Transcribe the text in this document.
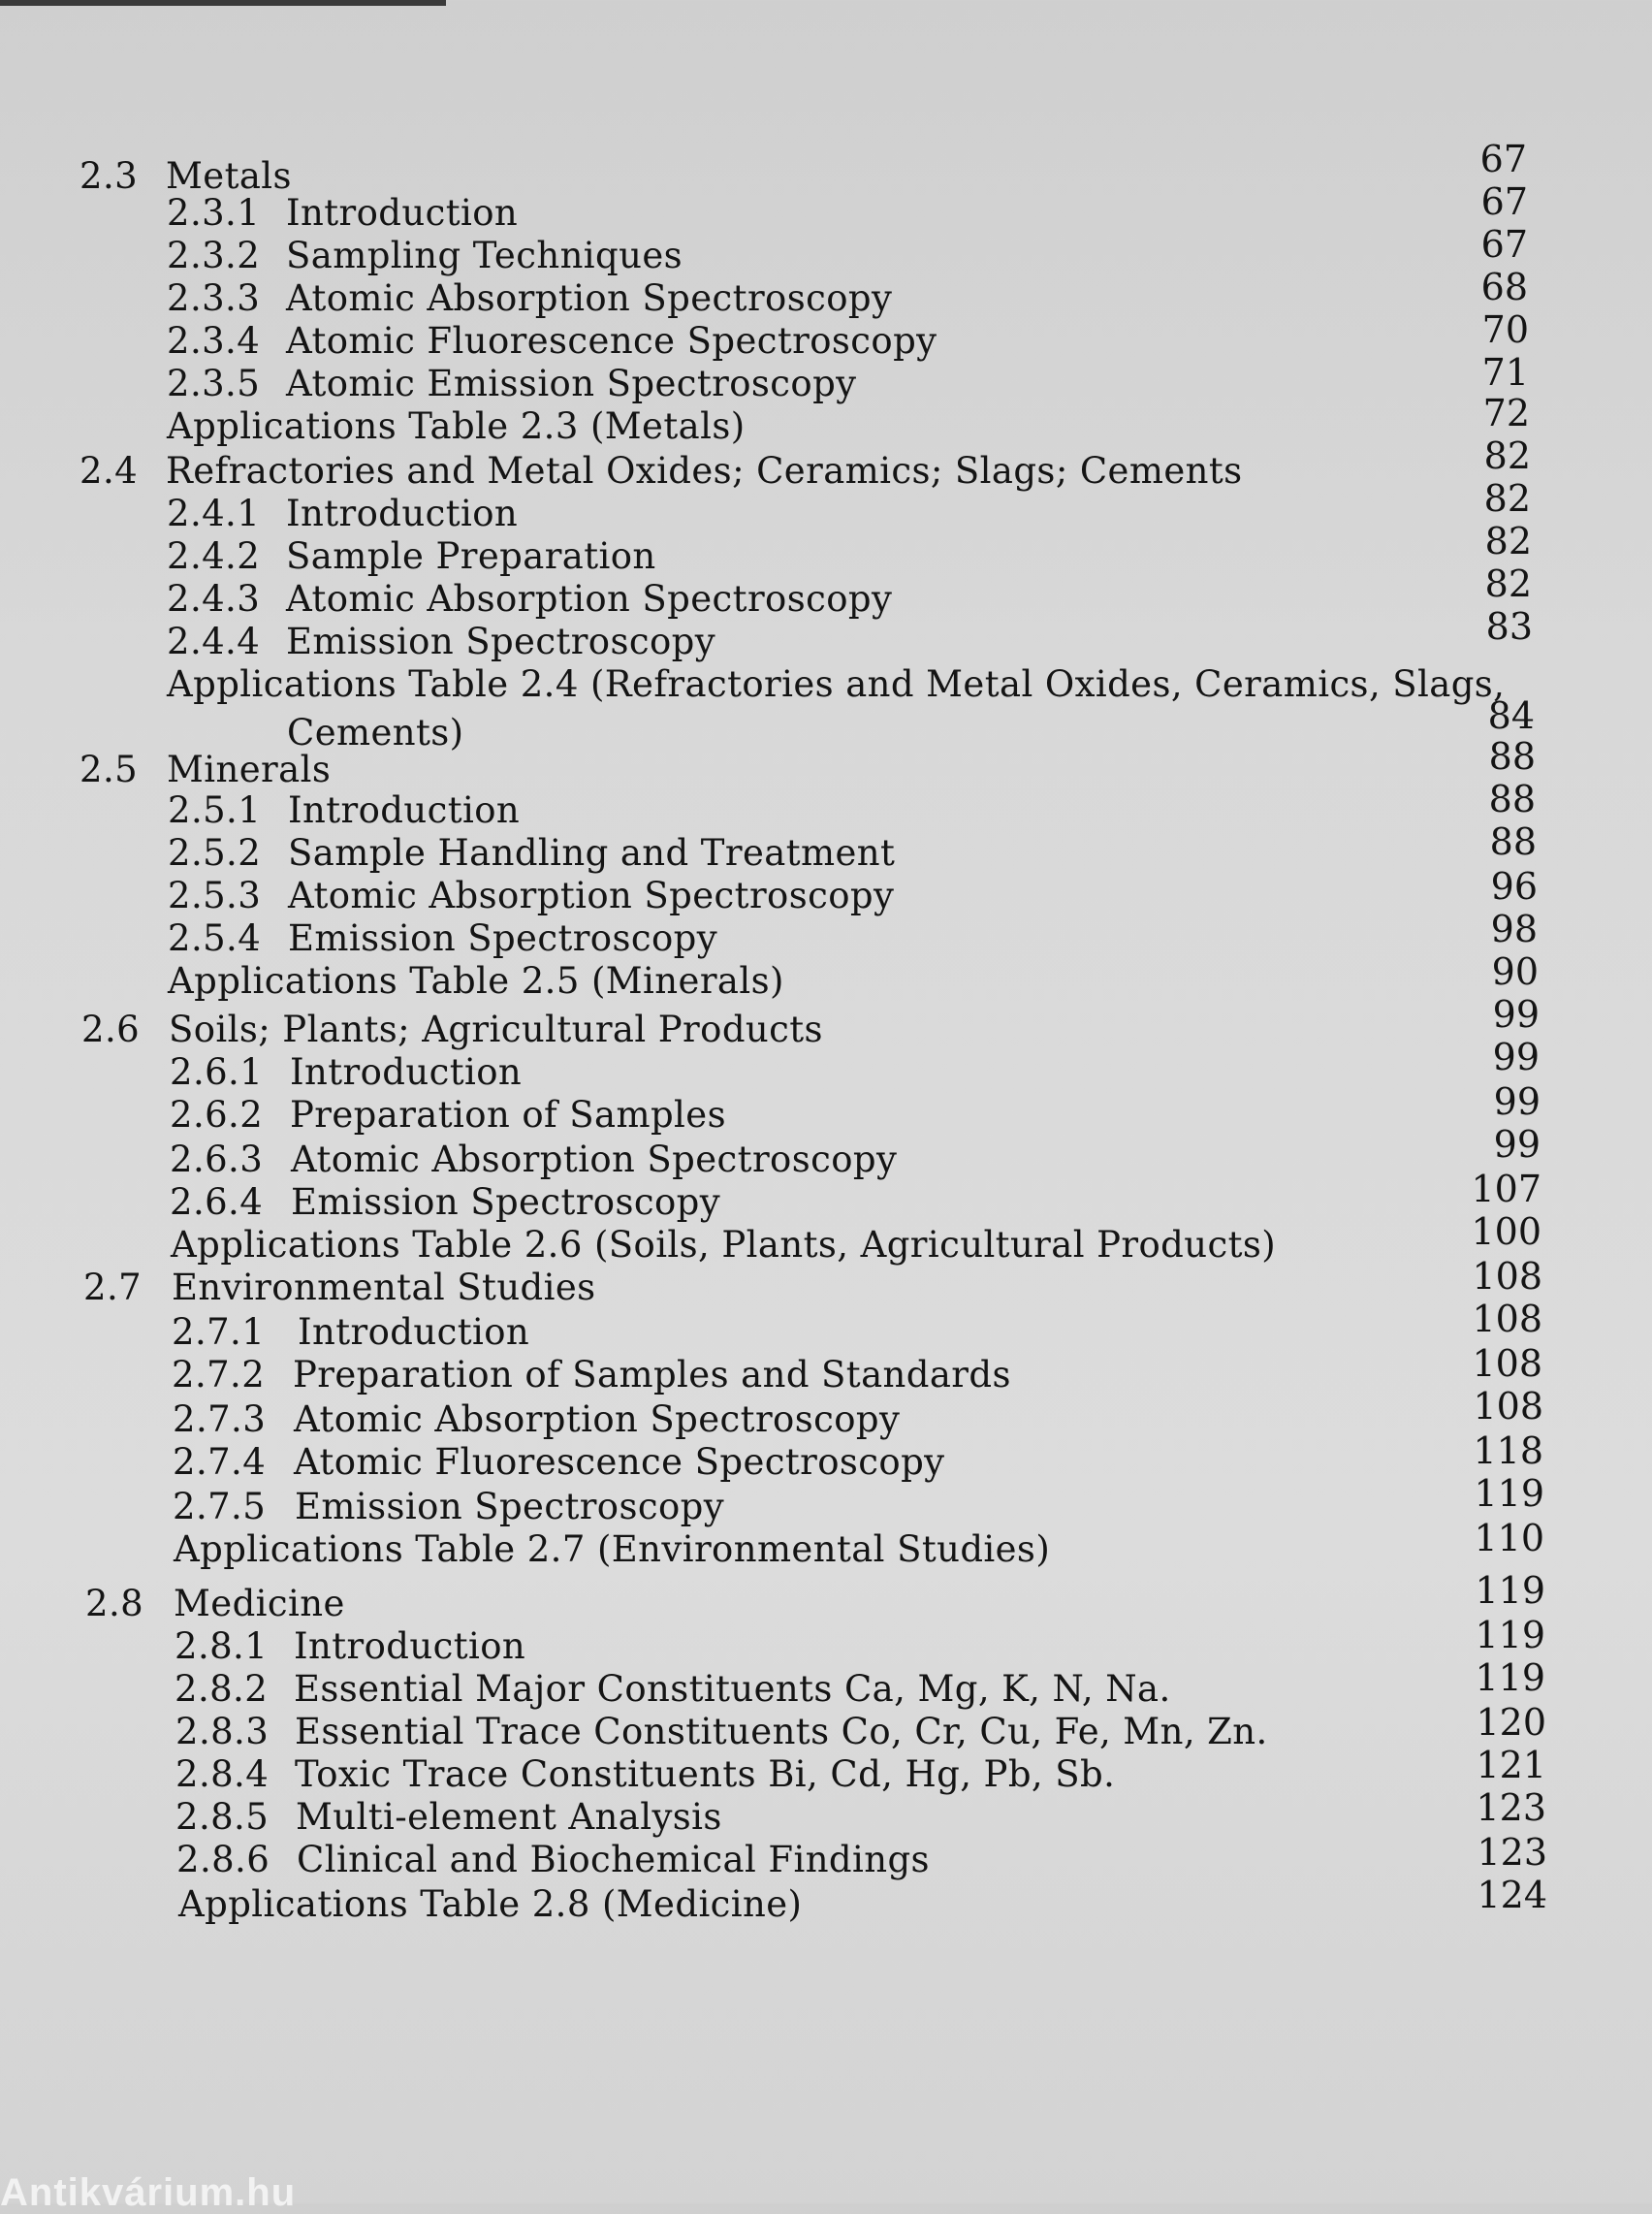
2.3 Metals	67
2.3.1 Introduction	67
2.3.2 Sampling Techniques	67
2.3.3 Atomic Absorption Spectroscopy	68
2.3.4 Atomic Fluorescence Spectroscopy	70
2.3.5 Atomic Emission Spectroscopy	71
Applications Table 2.3 (Metals)	72
2.4 Refractories and Metal Oxides; Ceramics; Slags; Cements	82
2.4.1 Introduction	82
2.4.2 Sample Preparation	82
2.4.3 Atomic Absorption Spectroscopy	82
2.4.4 Emission Spectroscopy	83
Applications Table 2.4 (Refractories and Metal Oxides, Ceramics, Slags,
Cements)	84
2.5 Minerals	88
2.5.1 Introduction	88
2.5.2 Sample Handling and Treatment	88
2.5.3 Atomic Absorption Spectroscopy	96
2.5.4 Emission Spectroscopy	98
Applications Table 2.5 (Minerals)	90
2.6 Soils; Plants; Agricultural Products	99
2.6.1 Introduction	99
2.6.2 Preparation of Samples	99
2.6.3 Atomic Absorption Spectroscopy	99
2.6.4 Emission Spectroscopy	107
Applications Table 2.6 (Soils, Plants, Agricultural Products)	100
2.7 Environmental Studies	108
2.7.1 Introduction	108
2.7.2 Preparation of Samples and Standards	108
2.7.3 Atomic Absorption Spectroscopy	108
2.7.4 Atomic Fluorescence Spectroscopy	118
2.7.5 Emission Spectroscopy	119
Applications Table 2.7 (Environmental Studies)	110
2.8 Medicine	119
2.8.1 Introduction	119
2.8.2 Essential Major Constituents Ca, Mg, K, N, Na.	119
2.8.3 Essential Trace Constituents Co, Cr, Cu, Fe, Mn, Zn.	120
2.8.4 Toxic Trace Constituents Bi, Cd, Hg, Pb, Sb.	121
2.8.5 Multi-element Analysis	123
2.8.6 Clinical and Biochemical Findings	123
Applications Table 2.8 (Medicine)	124
Antikvárium.hu
